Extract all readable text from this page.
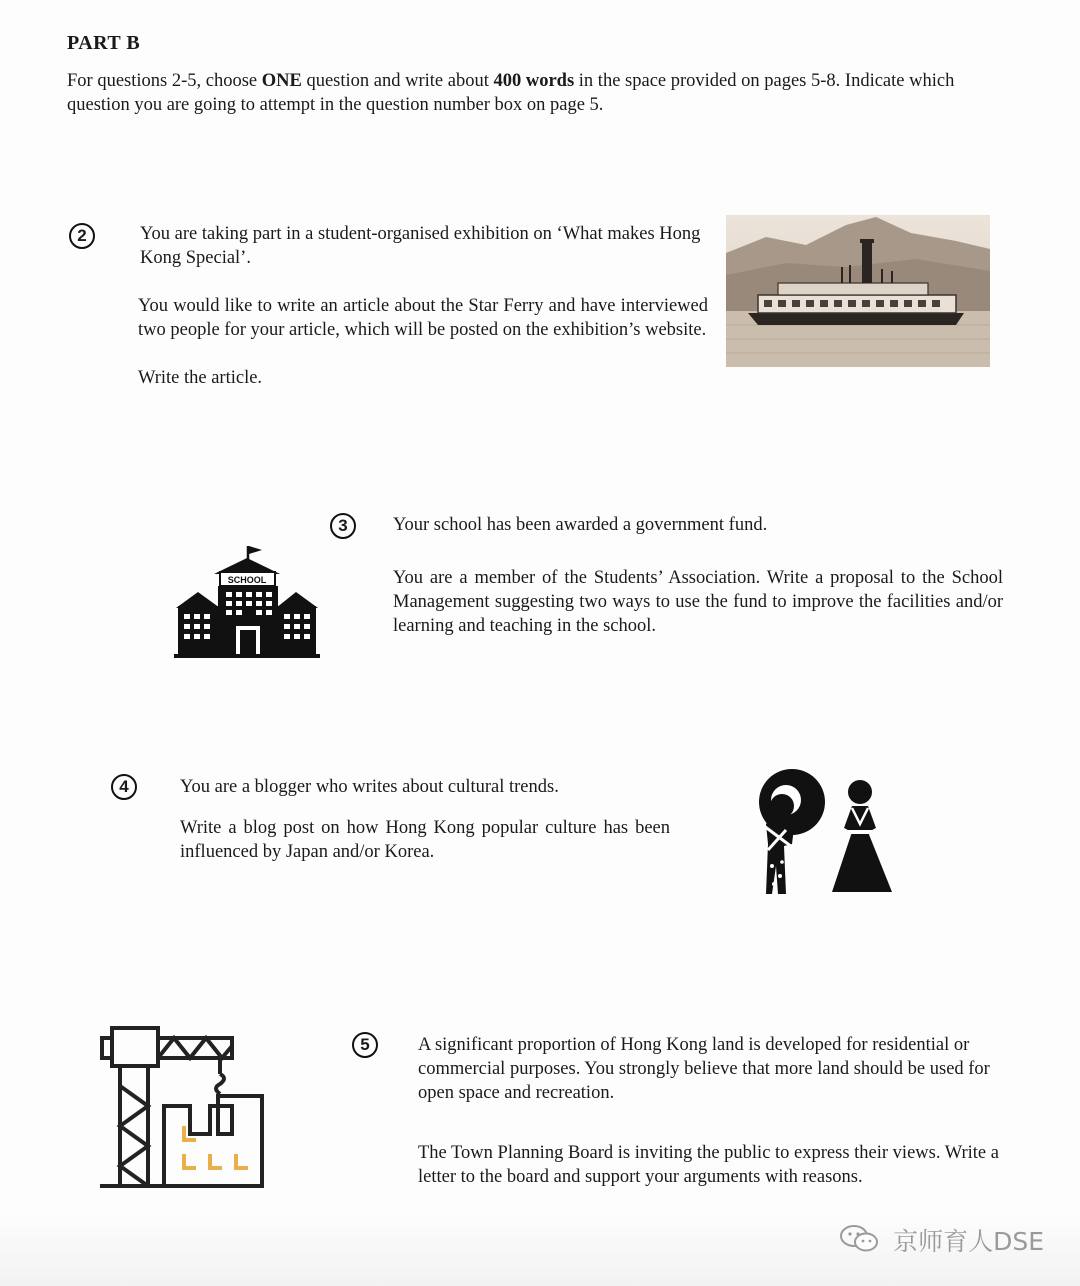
PART B
For questions 2-5, choose ONE question and write about 400 words in the space provided on pages 5-8. Indicate which question you are going to attempt in the question number box on page 5.
2	You are taking part in a student-organised exhibition on ‘What makes Hong Kong Special’.

You would like to write an article about the Star Ferry and have interviewed two people for your article, which will be posted on the exhibition’s website.

Write the article.

SCHOOL
3	Your school has been awarded a government fund.

You are a member of the Students’ Association. Write a proposal to the School Management suggesting two ways to use the fund to improve the facilities and/or learning and teaching in the school.

4	You are a blogger who writes about cultural trends.

Write a blog post on how Hong Kong popular culture has been influenced by Japan and/or Korea.

5	A significant proportion of Hong Kong land is developed for residential or commercial purposes. You strongly believe that more land should be used for open space and recreation.

The Town Planning Board is inviting the public to express their views. Write a letter to the board and support your arguments with reasons.

京师育人DSE
